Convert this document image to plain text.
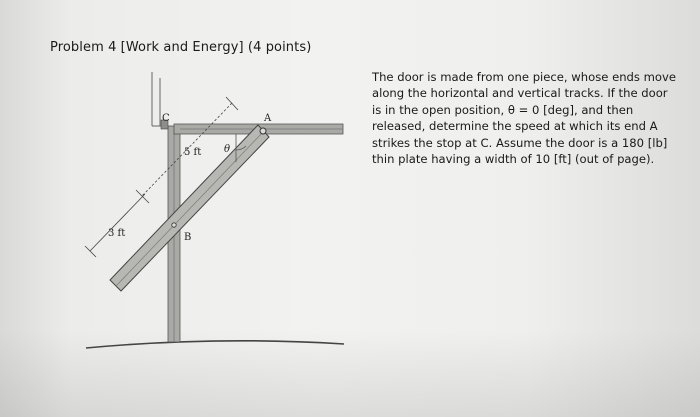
Problem 4 [Work and Energy] (4 points)
The door is made from one piece, whose ends move
along the horizontal and vertical tracks. If the door
is in the open position, θ = 0 [deg], and then
released, determine the speed at which its end A
strikes the stop at C. Assume the door is a 180 [lb]
thin plate having a width of 10 [ft] (out of page).
C	A
B
θ
5 ft
3 ft
